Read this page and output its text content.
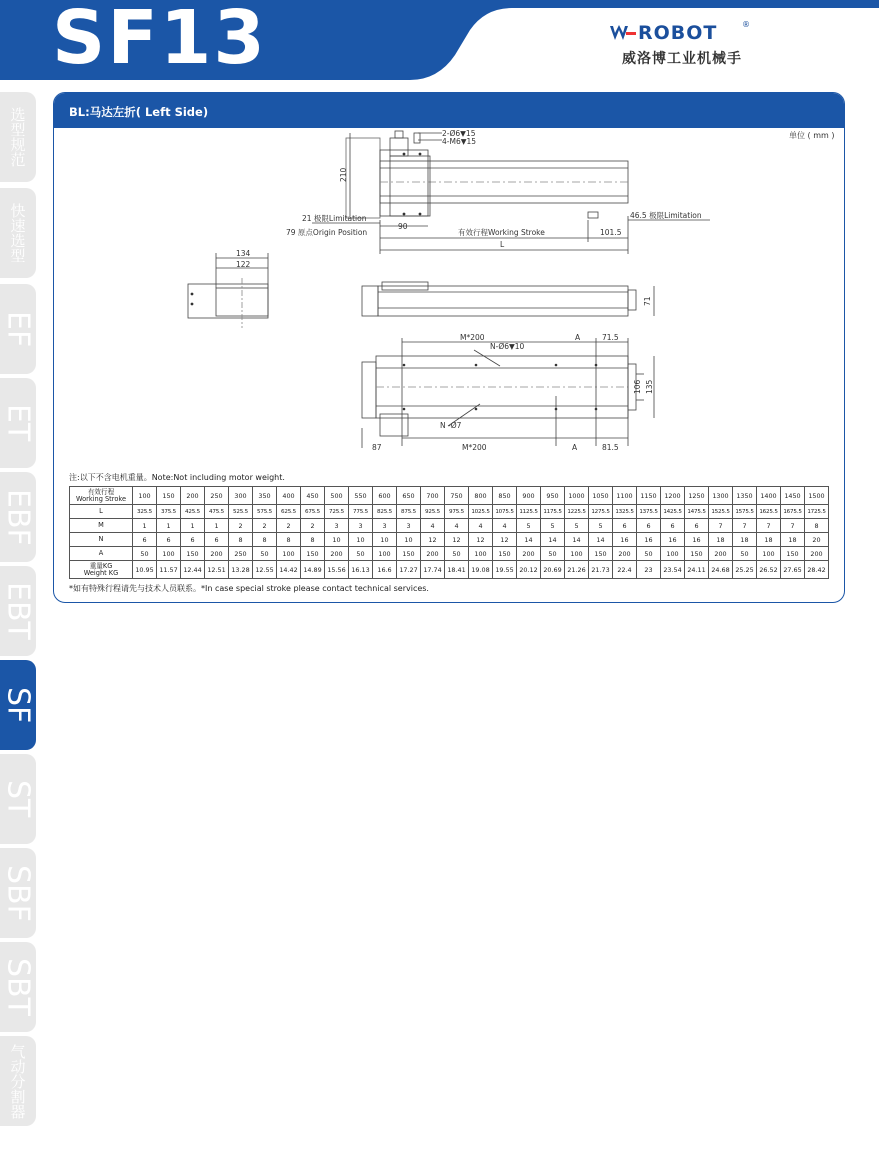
SF13	ROBOT	®
威洛博工业机械手
选型规范
快速选型
EF
ET
EBF
EBT
SF
ST
SBF
SBT
气动分割器
BL:马达左折( Left Side)
单位 ( mm )
2-Ø6▼15
4-M6▼15
210
21 极限Limitation
79 原点Origin Position
90
有效行程Working Stroke	101.5
46.5 极限Limitation
L
134
122
71
M*200	A	71.5
N-Ø6▼10
N -Ø7
106 135
87	M*200	A	81.5
注:以下不含电机重量。Note:Not including motor weight.
有效行程
Working Stroke	100	150	200	250	300	350	400	450	500	550	600	650	700	750	800	850	900	950	1000	1050	1100	1150	1200	1250	1300	1350	1400	1450	1500

L	325.5	375.5	425.5	475.5	525.5	575.5	625.5	675.5	725.5	775.5	825.5	875.5	925.5	975.5	1025.5	1075.5	1125.5	1175.5	1225.5	1275.5	1325.5	1375.5	1425.5	1475.5	1525.5	1575.5	1625.5	1675.5	1725.5

M	1	1	1	1	2	2	2	2	3	3	3	3	4	4	4	4	5	5	5	5	6	6	6	6	7	7	7	7	8

N	6	6	6	6	8	8	8	8	10	10	10	10	12	12	12	12	14	14	14	14	16	16	16	16	18	18	18	18	20

A	50	100	150	200	250	50	100	150	200	50	100	150	200	50	100	150	200	50	100	150	200	50	100	150	200	50	100	150	200

重量KG
Weight KG	10.95	11.57	12.44	12.51	13.28	12.55	14.42	14.89	15.56	16.13	16.6	17.27	17.74	18.41	19.08	19.55	20.12	20.69	21.26	21.73	22.4	23	23.54	24.11	24.68	25.25	26.52	27.65	28.42
*如有特殊行程请先与技术人员联系。*In case special stroke please contact technical services.
